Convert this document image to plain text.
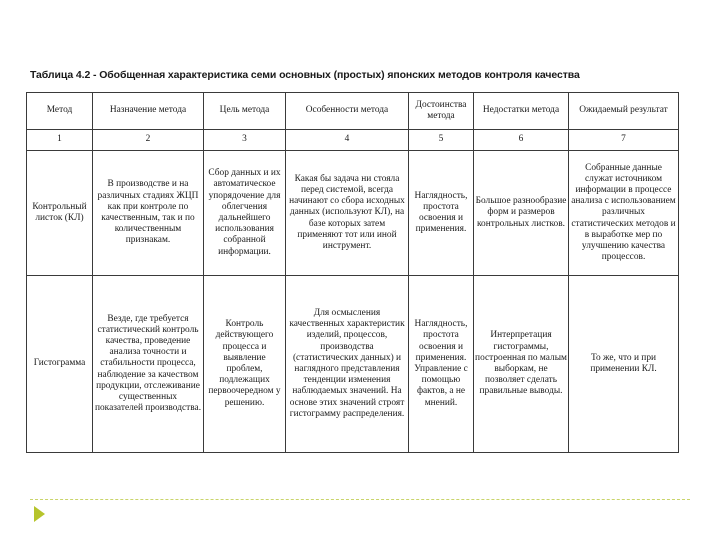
Таблица 4.2 - Обобщенная характеристика семи основных (простых) японских методов контроля качества
Метод	Назначение метода	Цель метода	Особенности метода	Достоинства метода	Недостатки метода	Ожидаемый результат
1	2	3	4	5	6	7
Контрольный листок (КЛ)	В производстве и на различных стадиях ЖЦП как при контроле по качественным, так и по количественным признакам.	Сбор данных и их автоматическое упорядочение для облегчения дальнейшего использования собранной информации.	Какая бы задача ни стояла перед системой, всегда начинают со сбора исходных данных (используют КЛ), на базе которых затем применяют тот или иной инструмент.	Наглядность, простота освоения и применения.	Большое разнообразие форм и размеров контрольных листков.	Собранные данные служат источником информации в процессе анализа с использованием различных статистических методов и в выработке мер по улучшению качества процессов.
Гистограмма	Везде, где требуется статистический контроль качества, проведение анализа точности и стабильности процесса, наблюдение за качеством продукции, отслеживание существенных показателей производства.	Контроль действующего процесса и выявление проблем, подлежащих первоочередном у решению.	Для осмысления качественных характеристик изделий, процессов, производства (статистических данных) и наглядного представления тенденции изменения наблюдаемых значений. На основе этих значений строят гистограмму распределения.	Наглядность, простота освоения и применения. Управление с помощью фактов, а не мнений.	Интерпретация гистограммы, построенная по малым выборкам, не позволяет сделать правильные выводы.	То же, что и при применении КЛ.
